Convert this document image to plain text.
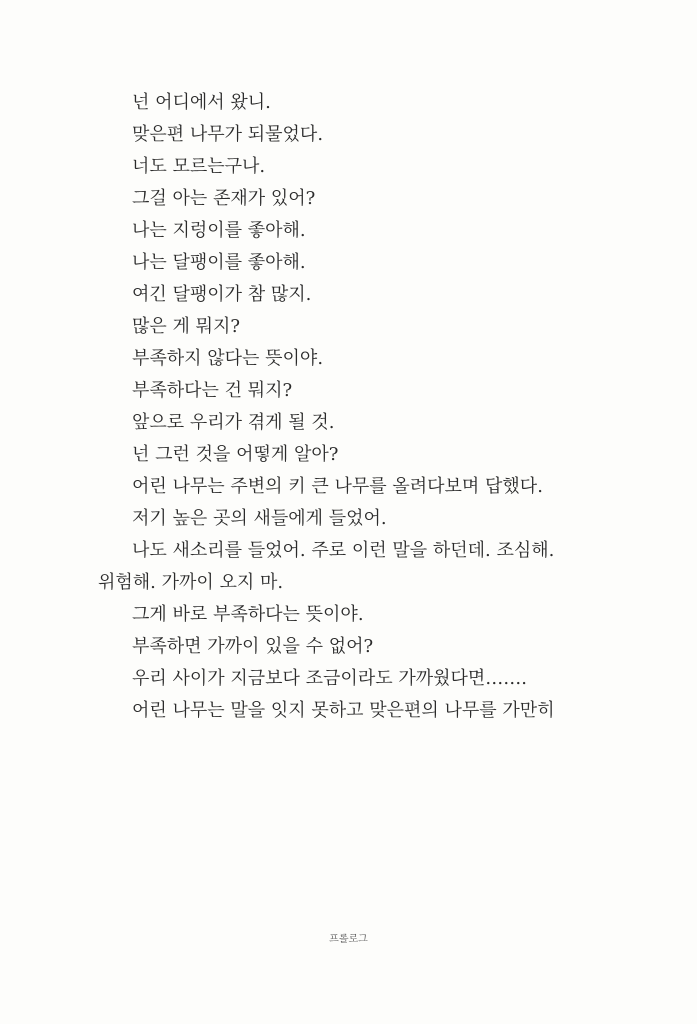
넌 어디에서 왔니.

맞은편 나무가 되물었다.

너도 모르는구나.

그걸 아는 존재가 있어?

나는 지렁이를 좋아해.

나는 달팽이를 좋아해.

여긴 달팽이가 참 많지.

많은 게 뭐지?

부족하지 않다는 뜻이야.

부족하다는 건 뭐지?

앞으로 우리가 겪게 될 것.

넌 그런 것을 어떻게 알아?

어린 나무는 주변의 키 큰 나무를 올려다보며 답했다.

저기 높은 곳의 새들에게 들었어.

나도 새소리를 들었어. 주로 이런 말을 하던데. 조심해.

위험해. 가까이 오지 마.

그게 바로 부족하다는 뜻이야.

부족하면 가까이 있을 수 없어?

우리 사이가 지금보다 조금이라도 가까웠다면…….

어린 나무는 말을 잇지 못하고 맞은편의 나무를 가만히

프롤로그
